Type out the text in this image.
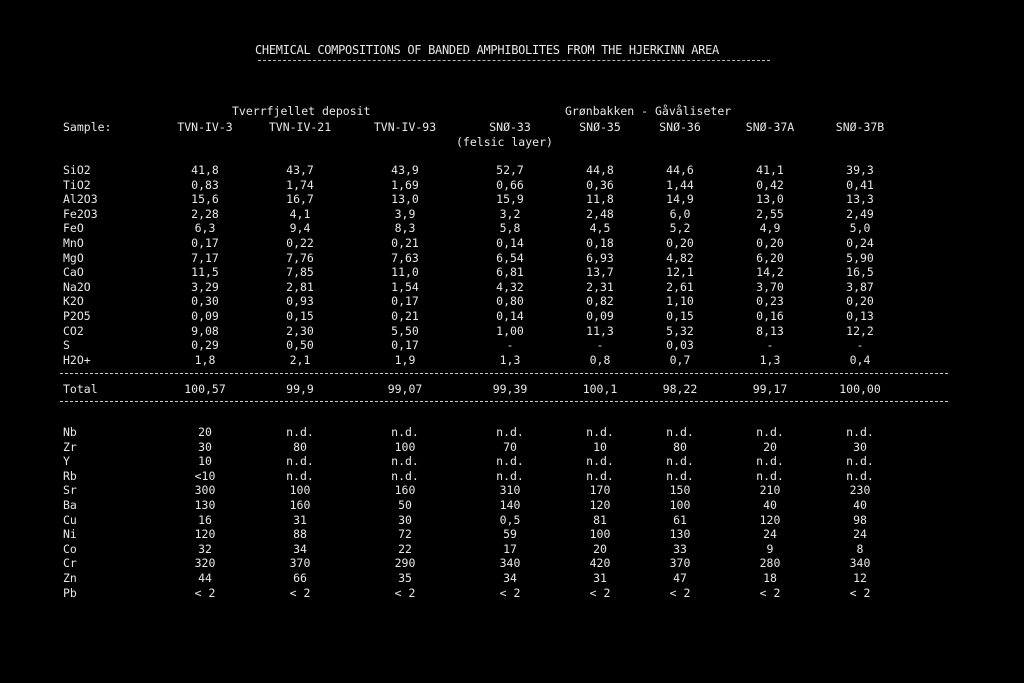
CHEMICAL COMPOSITIONS OF BANDED AMPHIBOLITES FROM THE HJERKINN AREA
Tverrfjellet deposit	Grønbakken - Gåvåliseter
Sample:	TVN-IV-3	TVN-IV-21	TVN-IV-93	SNØ-33	SNØ-35	SNØ-36	SNØ-37A	SNØ-37B
(felsic layer)
SiO2	41,8	43,7	43,9	52,7	44,8	44,6	41,1	39,3
TiO2	0,83	1,74	1,69	0,66	0,36	1,44	0,42	0,41
Al2O3	15,6	16,7	13,0	15,9	11,8	14,9	13,0	13,3
Fe2O3	2,28	4,1	3,9	3,2	2,48	6,0	2,55	2,49
FeO	6,3	9,4	8,3	5,8	4,5	5,2	4,9	5,0
MnO	0,17	0,22	0,21	0,14	0,18	0,20	0,20	0,24
MgO	7,17	7,76	7,63	6,54	6,93	4,82	6,20	5,90
CaO	11,5	7,85	11,0	6,81	13,7	12,1	14,2	16,5
Na2O	3,29	2,81	1,54	4,32	2,31	2,61	3,70	3,87
K2O	0,30	0,93	0,17	0,80	0,82	1,10	0,23	0,20
P2O5	0,09	0,15	0,21	0,14	0,09	0,15	0,16	0,13
CO2	9,08	2,30	5,50	1,00	11,3	5,32	8,13	12,2
S	0,29	0,50	0,17	-	-	0,03	-	-
H2O+	1,8	2,1	1,9	1,3	0,8	0,7	1,3	0,4
Total	100,57	99,9	99,07	99,39	100,1	98,22	99,17	100,00
Nb	20	n.d.	n.d.	n.d.	n.d.	n.d.	n.d.	n.d.
Zr	30	80	100	70	10	80	20	30
Y	10	n.d.	n.d.	n.d.	n.d.	n.d.	n.d.	n.d.
Rb	<10	n.d.	n.d.	n.d.	n.d.	n.d.	n.d.	n.d.
Sr	300	100	160	310	170	150	210	230
Ba	130	160	50	140	120	100	40	40
Cu	16	31	30	0,5	81	61	120	98
Ni	120	88	72	59	100	130	24	24
Co	32	34	22	17	20	33	9	8
Cr	320	370	290	340	420	370	280	340
Zn	44	66	35	34	31	47	18	12
Pb	< 2	< 2	< 2	< 2	< 2	< 2	< 2	< 2
